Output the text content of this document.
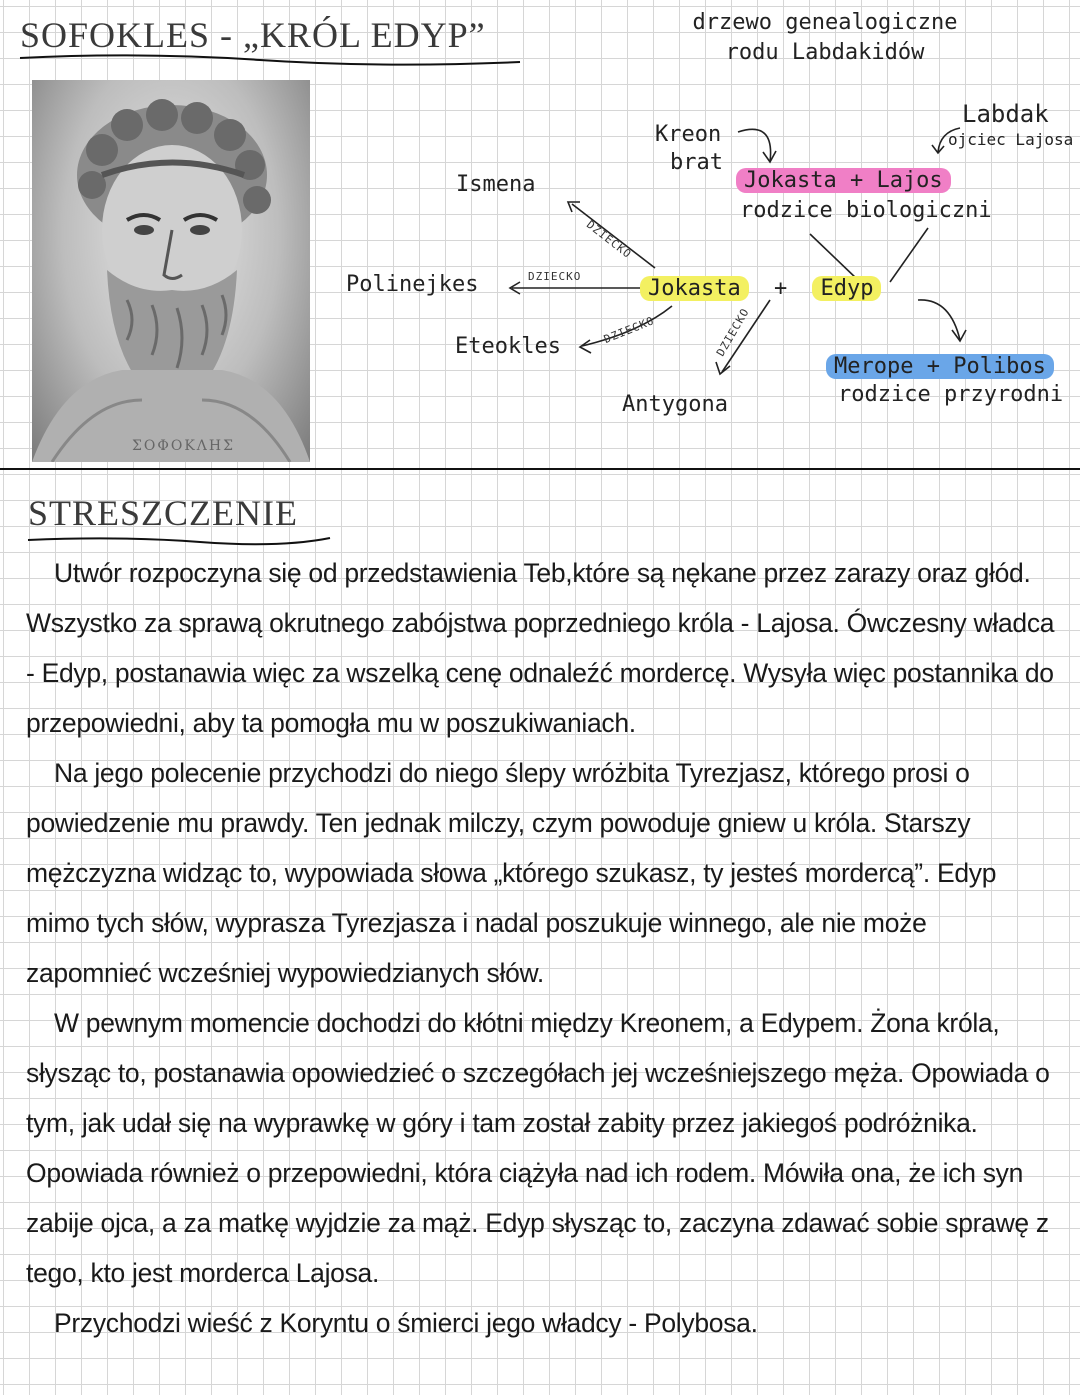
SOFOKLES - „KRÓL EDYP”
ΣΟΦΟΚΛΗΣ
drzewo genealogiczne
rodu Labdakidów
Labdak
ojciec Lajosa
Kreon
brat
Jokasta + Lajos
rodzice biologiczni
Jokasta + Edyp
Merope + Polibos
rodzice przyrodni
Ismena
Polinejkes
Eteokles
Antygona
DZIECKO
DZIECKO
DZIECKO	DZIECKO
STRESZCZENIE

Utwór rozpoczyna się od przedstawienia Teb,które są nękane przez zarazy oraz głód. Wszystko za sprawą okrutnego zabójstwa poprzedniego króla - Lajosa. Ówczesny władca - Edyp, postanawia więc za wszelką cenę odnaleźć mordercę. Wysyła więc postannika do przepowiedni, aby ta pomogła mu w poszukiwaniach.

Na jego polecenie przychodzi do niego ślepy wróżbita Tyrezjasz, którego prosi o powiedzenie mu prawdy. Ten jednak milczy, czym powoduje gniew u króla. Starszy mężczyzna widząc to, wypowiada słowa „którego szukasz, ty jesteś mordercą”. Edyp mimo tych słów, wyprasza Tyrezjasza i nadal poszukuje winnego, ale nie może zapomnieć wcześniej wypowiedzianych słów.

W pewnym momencie dochodzi do kłótni między Kreonem, a Edypem. Żona króla, słysząc to, postanawia opowiedzieć o szczegółach jej wcześniejszego męża. Opowiada o tym, jak udał się na wyprawkę w góry i tam został zabity przez jakiegoś podróżnika. Opowiada również o przepowiedni, która ciążyła nad ich rodem. Mówiła ona, że ich syn zabije ojca, a za matkę wyjdzie za mąż. Edyp słysząc to, zaczyna zdawać sobie sprawę z tego, kto jest morderca Lajosa.

Przychodzi wieść z Koryntu o śmierci jego władcy - Polybosa.
